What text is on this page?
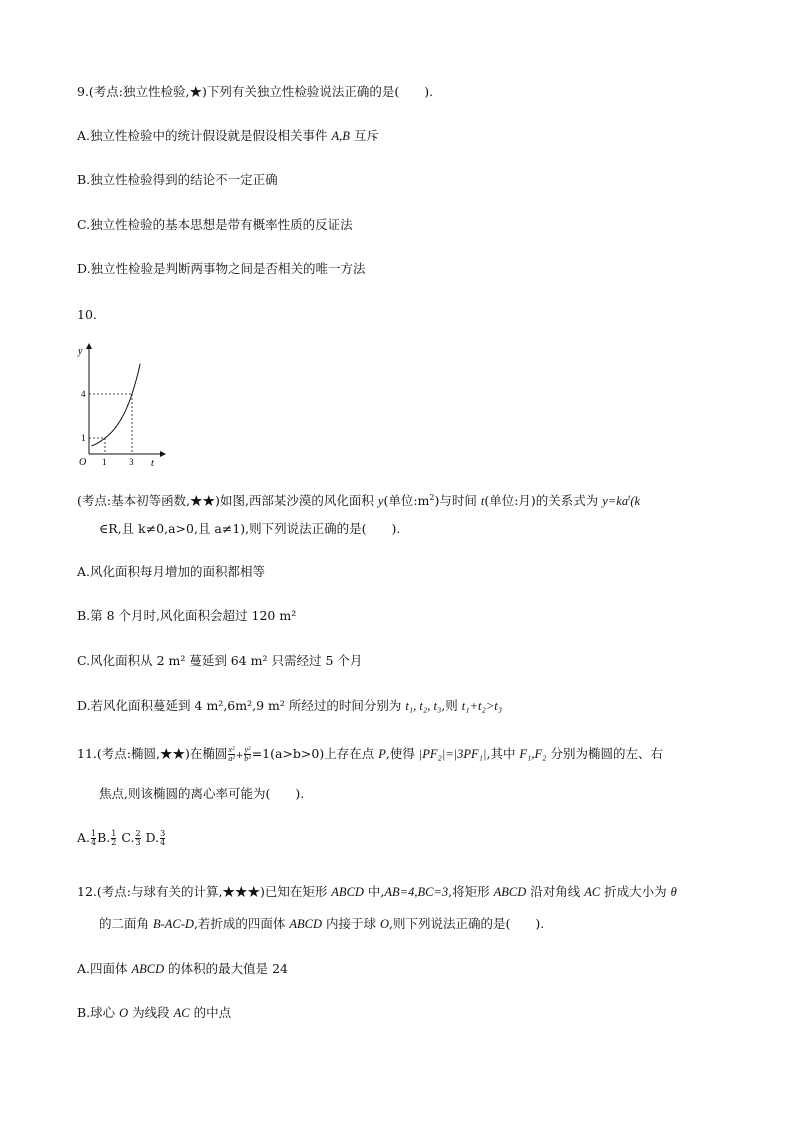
9.(考点:独立性检验,★)下列有关独立性检验说法正确的是(　　).
A.独立性检验中的统计假设就是假设相关事件 A,B 互斥
B.独立性检验得到的结论不一定正确
C.独立性检验的基本思想是带有概率性质的反证法
D.独立性检验是判断两事物之间是否相关的唯一方法
10.
y
t
O 1	3
1
4
(考点:基本初等函数,★★)如图,西部某沙漠的风化面积 y(单位$:m^2$)与时间 t(单位:月)的关系式为 $y=ka^t(k$
∈R,且 k≠0,a>0,且 a≠1),则下列说法正确的是(　　).
A.风化面积每月增加的面积都相等
B.第 8 个月时,风化面积会超过 120 m²
C.风化面积从 2 m² 蔓延到 64 m² 只需经过 5 个月
D.若风化面积蔓延到 4 m²,6m²,9 m² 所经过的时间分别为 t₁, t₂, t₃,则 t₁+t₂>t₃
11.(考点:椭圆,★★)在椭圆 $\frac{\text{x²}}{\text{a²}} + \frac{\text{y²}}{\text{b²}} =1(a>b>0)$上存在点 P,使得 |PF₂|=|3PF₁|,其中 F₁,F₂ 分别为椭圆的左、右
焦点,则该椭圆的离心率可能为(　　).
A. $\frac{1}{4} B$. $\frac{1}{2} C$. $\frac{2}{3} D$. $\frac{3}{4}$
12.(考点:与球有关的计算,★★★)已知在矩形 ABCD 中,AB=4,BC=3,将矩形 ABCD 沿对角线 AC 折成大小为 θ
的二面角 B-AC-D,若折成的四面体 ABCD 内接于球 O,则下列说法正确的是(　　).
A.四面体 ABCD 的体积的最大值是 24
B.球心 O 为线段 AC 的中点
